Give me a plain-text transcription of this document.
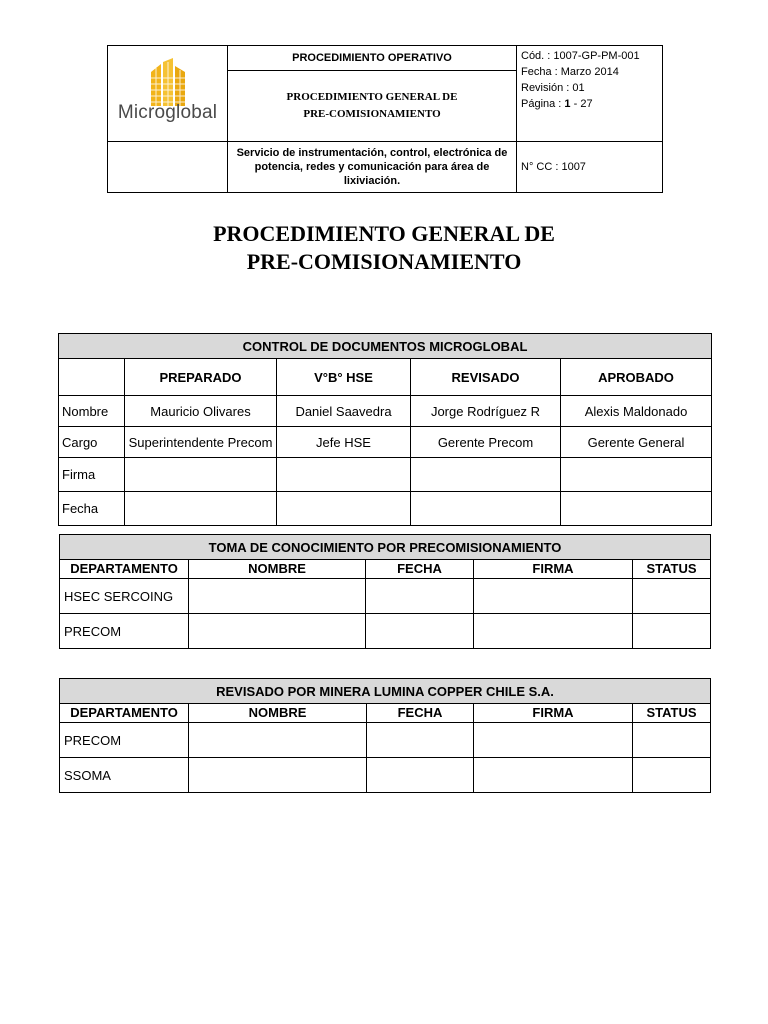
Microglobal	PROCEDIMIENTO OPERATIVO	Cód. : 1007-GP-PM-001
Fecha : Marzo 2014
Revisión : 01
Página : 1 - 27

	PROCEDIMIENTO GENERAL DE
PRE-COMISIONAMIENTO	

	Servicio de instrumentación, control, electrónica de potencia, redes y comunicación para área de lixiviación.	N° CC : 1007
PROCEDIMIENTO GENERAL DE
PRE-COMISIONAMIENTO
CONTROL DE DOCUMENTOS MICROGLOBAL				
	PREPARADO	V°B° HSE	REVISADO	APROBADO
Nombre	Mauricio Olivares	Daniel Saavedra	Jorge Rodríguez R	Alexis Maldonado
Cargo	Superintendente Precom	Jefe HSE	Gerente Precom	Gerente General
Firma				
Fecha				
TOMA DE CONOCIMIENTO POR PRECOMISIONAMIENTO				
DEPARTAMENTO	NOMBRE	FECHA	FIRMA	STATUS
HSEC SERCOING				
PRECOM				
REVISADO POR MINERA LUMINA COPPER CHILE S.A.				
DEPARTAMENTO	NOMBRE	FECHA	FIRMA	STATUS
PRECOM				
SSOMA				
